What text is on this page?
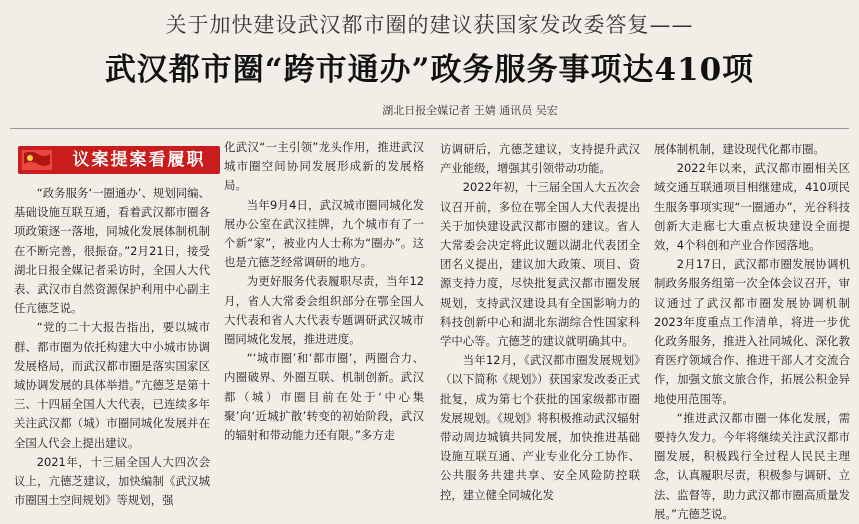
关于加快建设武汉都市圈的建议获国家发改委答复——
武汉都市圈“跨市通办”政务服务事项达410项
湖北日报全媒记者 王婧 通讯员 吴宏
议案提案看履职

“政务服务‘一圈通办’、规划同编、基础设施互联互通，看着武汉都市圈各项政策逐一落地，同城化发展体制机制在不断完善，很振奋。”2月21日，接受湖北日报全媒记者采访时，全国人大代表、武汉市自然资源保护利用中心副主任亢德芝说。

“党的二十大报告指出，要以城市群、都市圈为依托构建大中小城市协调发展格局，而武汉都市圈是落实国家区域协调发展的具体举措。”亢德芝是第十三、十四届全国人大代表，已连续多年关注武汉都（城）市圈同城化发展并在全国人代会上提出建议。

2021年，十三届全国人大四次会议上，亢德芝建议，加快编制《武汉城市圈国土空间规划》等规划，强

化武汉“一主引领”龙头作用，推进武汉城市圈空间协同发展形成新的发展格局。

当年9月4日，武汉城市圈同城化发展办公室在武汉挂牌，九个城市有了一个新“家”，被业内人士称为“圈办”。这也是亢德芝经常调研的地方。

为更好服务代表履职尽责，当年12月，省人大常委会组织部分在鄂全国人大代表和省人大代表专题调研武汉城市圈同城化发展，推进进度。

“‘城市圈’和‘都市圈’，两圈合力、内圈破界、外圈互联、机制创新。武汉都（城）市圈目前在处于‘中心集聚’向‘近城扩散’转变的初始阶段，武汉的辐射和带动能力还有限。”多方走

访调研后，亢德芝建议，支持提升武汉产业能级，增强其引领带动功能。

2022年初，十三届全国人大五次会议召开前，多位在鄂全国人大代表提出关于加快建设武汉都市圈的建议。省人大常委会决定将此议题以湖北代表团全团名义提出，建议加大政策、项目、资源支持力度，尽快批复武汉都市圈发展规划，支持武汉建设具有全国影响力的科技创新中心和湖北东湖综合性国家科学中心等。亢德芝的建议就明确其中。

当年12月，《武汉都市圈发展规划》（以下简称《规划》）获国家发改委正式批复，成为第七个获批的国家级都市圈发展规划。《规划》将积极推动武汉辐射带动周边城镇共同发展，加快推进基础设施互联互通、产业专业化分工协作、公共服务共建共享、安全风险防控联控，建立健全同城化发

展体制机制，建设现代化都市圈。

2022年以来，武汉都市圈相关区域交通互联通项目相继建成，410项民生服务事项实现“一圈通办”，光谷科技创新大走廊七大重点板块建设全面提效，4个科创和产业合作园落地。

2月17日，武汉都市圈发展协调机制政务服务组第一次全体会议召开，审议通过了武汉都市圈发展协调机制2023年度重点工作清单，将进一步优化政务服务，推进入社同城化、深化教育医疗领域合作、推进干部人才交流合作，加强文旅文旅合作，拓展公积金异地使用范围等。

“推进武汉都市圈一体化发展，需要持久发力。今年将继续关注武汉都市圈发展，积极践行全过程人民民主理念，认真履职尽责，积极参与调研、立法、监督等，助力武汉都市圈高质量发展。”亢德芝说。
